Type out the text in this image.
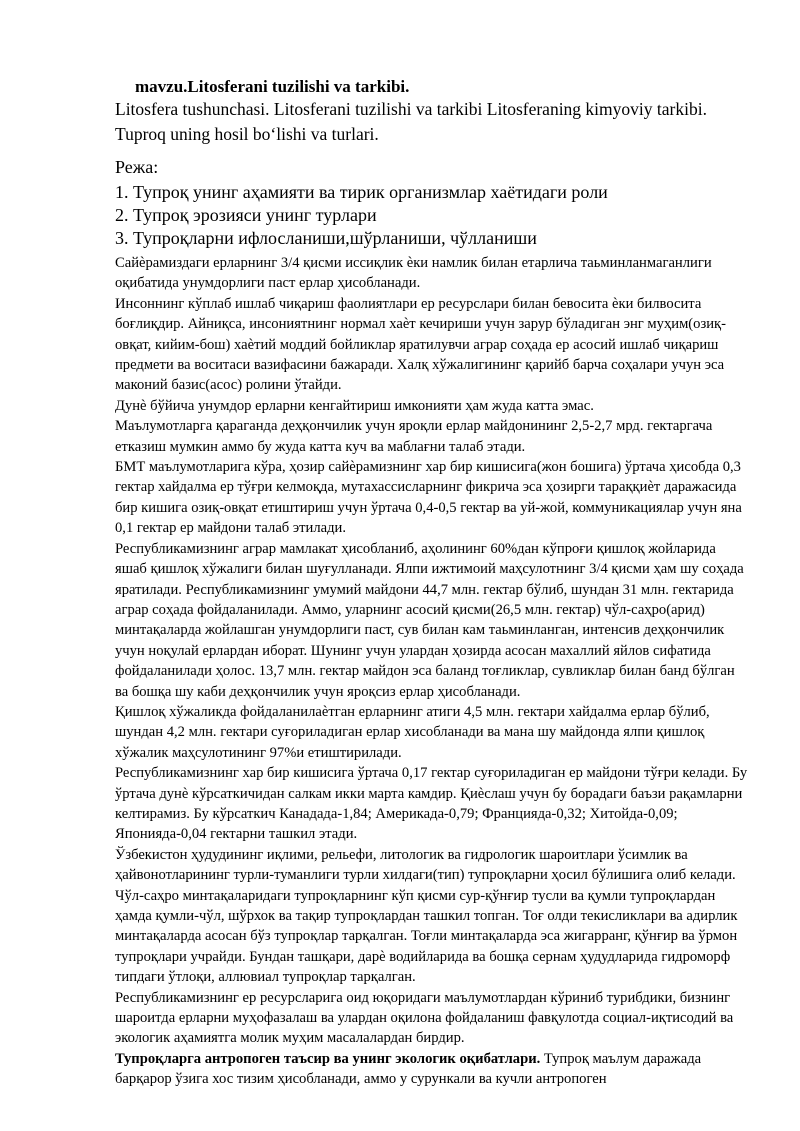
mavzu.Litosferani tuzilishi va tarkibi.
Litosfera tushunchasi. Litosferani tuzilishi va tarkibi Litosferaning kimyoviy tarkibi. Tuproq uning hosil bo‘lishi va turlari.
Режа:
1. Тупроқ унинг аҳамияти ва тирик организмлар хаётидаги роли
2. Тупроқ эрозияси унинг турлари
3. Тупроқларни ифлосланиши,шўрланиши, чўлланиши

Сайѐрамиздаги ерларнинг 3/4 қисми иссиқлик ѐки намлик билан етарлича таьминланмаганлиги оқибатида унумдорлиги паст ерлар ҳисобланади.

Инсоннинг кўплаб ишлаб чиқариш фаолиятлари ер ресурслари билан бевосита ѐки билвосита боғлиқдир. Айниқса, инсониятнинг нормал хаѐт кечириши учун зарур бўладиган энг муҳим(озиқ-овқат, кийим-бош) хаѐтий моддий бойликлар яратилувчи аграр соҳада ер асосий ишлаб чиқариш предмети ва воситаси вазифасини бажаради. Халқ хўжалигининг қарийб барча соҳалари учун эса маконий базис(асос) ролини ўтайди.

Дунѐ бўйича унумдор ерларни кенгайтириш имконияти ҳам жуда катта эмас.

Маълумотларга қараганда деҳқончилик учун яроқли ерлар майдонининг 2,5-2,7 мрд. гектаргача етказиш мумкин аммо бу жуда катта куч ва маблағни талаб этади.

БМТ маълумотларига кўра, ҳозир сайѐрамизнинг хар бир кишисига(жон бошига) ўртача ҳисобда 0,3 гектар хайдалма ер тўғри келмоқда, мутахассисларнинг фикрича эса ҳозирги тараққиѐт даражасида бир кишига озиқ-овқат етиштириш учун ўртача 0,4-0,5 гектар ва уй-жой, коммуникациялар учун яна 0,1 гектар ер майдони талаб этилади.

Республикамизнинг аграр мамлакат ҳисобланиб, аҳолининг 60%дан кўпроғи қишлоқ жойларида яшаб қишлоқ хўжалиги билан шуғулланади. Ялпи ижтимоий маҳсулотнинг 3/4 қисми ҳам шу соҳада яратилади. Республикамизнинг умумий майдони 44,7 млн. гектар бўлиб, шундан 31 млн. гектарида аграр соҳада фойдаланилади. Аммо, уларнинг асосий қисми(26,5 млн. гектар) чўл-саҳро(арид) минтақаларда жойлашган унумдорлиги паст, сув билан кам таьминланган, интенсив деҳқончилик учун ноқулай ерлардан иборат. Шунинг учун улардан ҳозирда асосан махаллий яйлов сифатида фойдаланилади ҳолос. 13,7 млн. гектар майдон эса баланд тоғликлар, сувликлар билан банд бўлган ва бошқа шу каби деҳқончилик учун яроқсиз ерлар ҳисобланади.

Қишлоқ хўжаликда фойдаланилаѐтган ерларнинг атиги 4,5 млн. гектари хайдалма ерлар бўлиб, шундан 4,2 млн. гектари суғориладиган ерлар хисобланади ва мана шу майдонда ялпи қишлоқ хўжалик маҳсулотининг 97%и етиштирилади.

Республикамизнинг хар бир кишисига ўртача 0,17 гектар суғориладиган ер майдони тўғри келади. Бу ўртача дунѐ кўрсаткичидан салкам икки марта камдир. Қиѐслаш учун бу борадаги баъзи рақамларни келтирамиз. Бу кўрсаткич Канадада-1,84; Америкада-0,79; Францияда-0,32; Хитойда-0,09; Японияда-0,04 гектарни ташкил этади.

Ўзбекистон ҳудудининг иқлими, рельефи, литологик ва гидрологик шароитлари ўсимлик ва ҳайвонотларининг турли-туманлиги турли хилдаги(тип) тупроқларни ҳосил бўлишига олиб келади. Чўл-саҳро минтақаларидаги тупроқларнинг кўп қисми сур-қўнғир тусли ва қумли тупроқлардан ҳамда қумли-чўл, шўрхок ва тақир тупроқлардан ташкил топган. Тоғ олди текисликлари ва адирлик минтақаларда асосан бўз тупроқлар тарқалган. Тоғли минтақаларда эса жигарранг, қўнғир ва ўрмон тупроқлари учрайди. Бундан ташқари, дарѐ водийларида ва бошқа сернам ҳудудларида гидроморф типдаги ўтлоқи, аллювиал тупроқлар тарқалган.

Республикамизнинг ер ресурсларига оид юқоридаги маълумотлардан кўриниб турибдики, бизнинг шароитда ерларни муҳофазалаш ва улардан оқилона фойдаланиш фавқулотда социал-иқтисодий ва экологик аҳамиятга молик муҳим масалалардан бирдир.

Тупроқларга антропоген таъсир ва унинг экологик оқибатлари. Тупроқ маълум даражада барқарор ўзига хос тизим ҳисобланади, аммо у сурункали ва кучли антропоген
